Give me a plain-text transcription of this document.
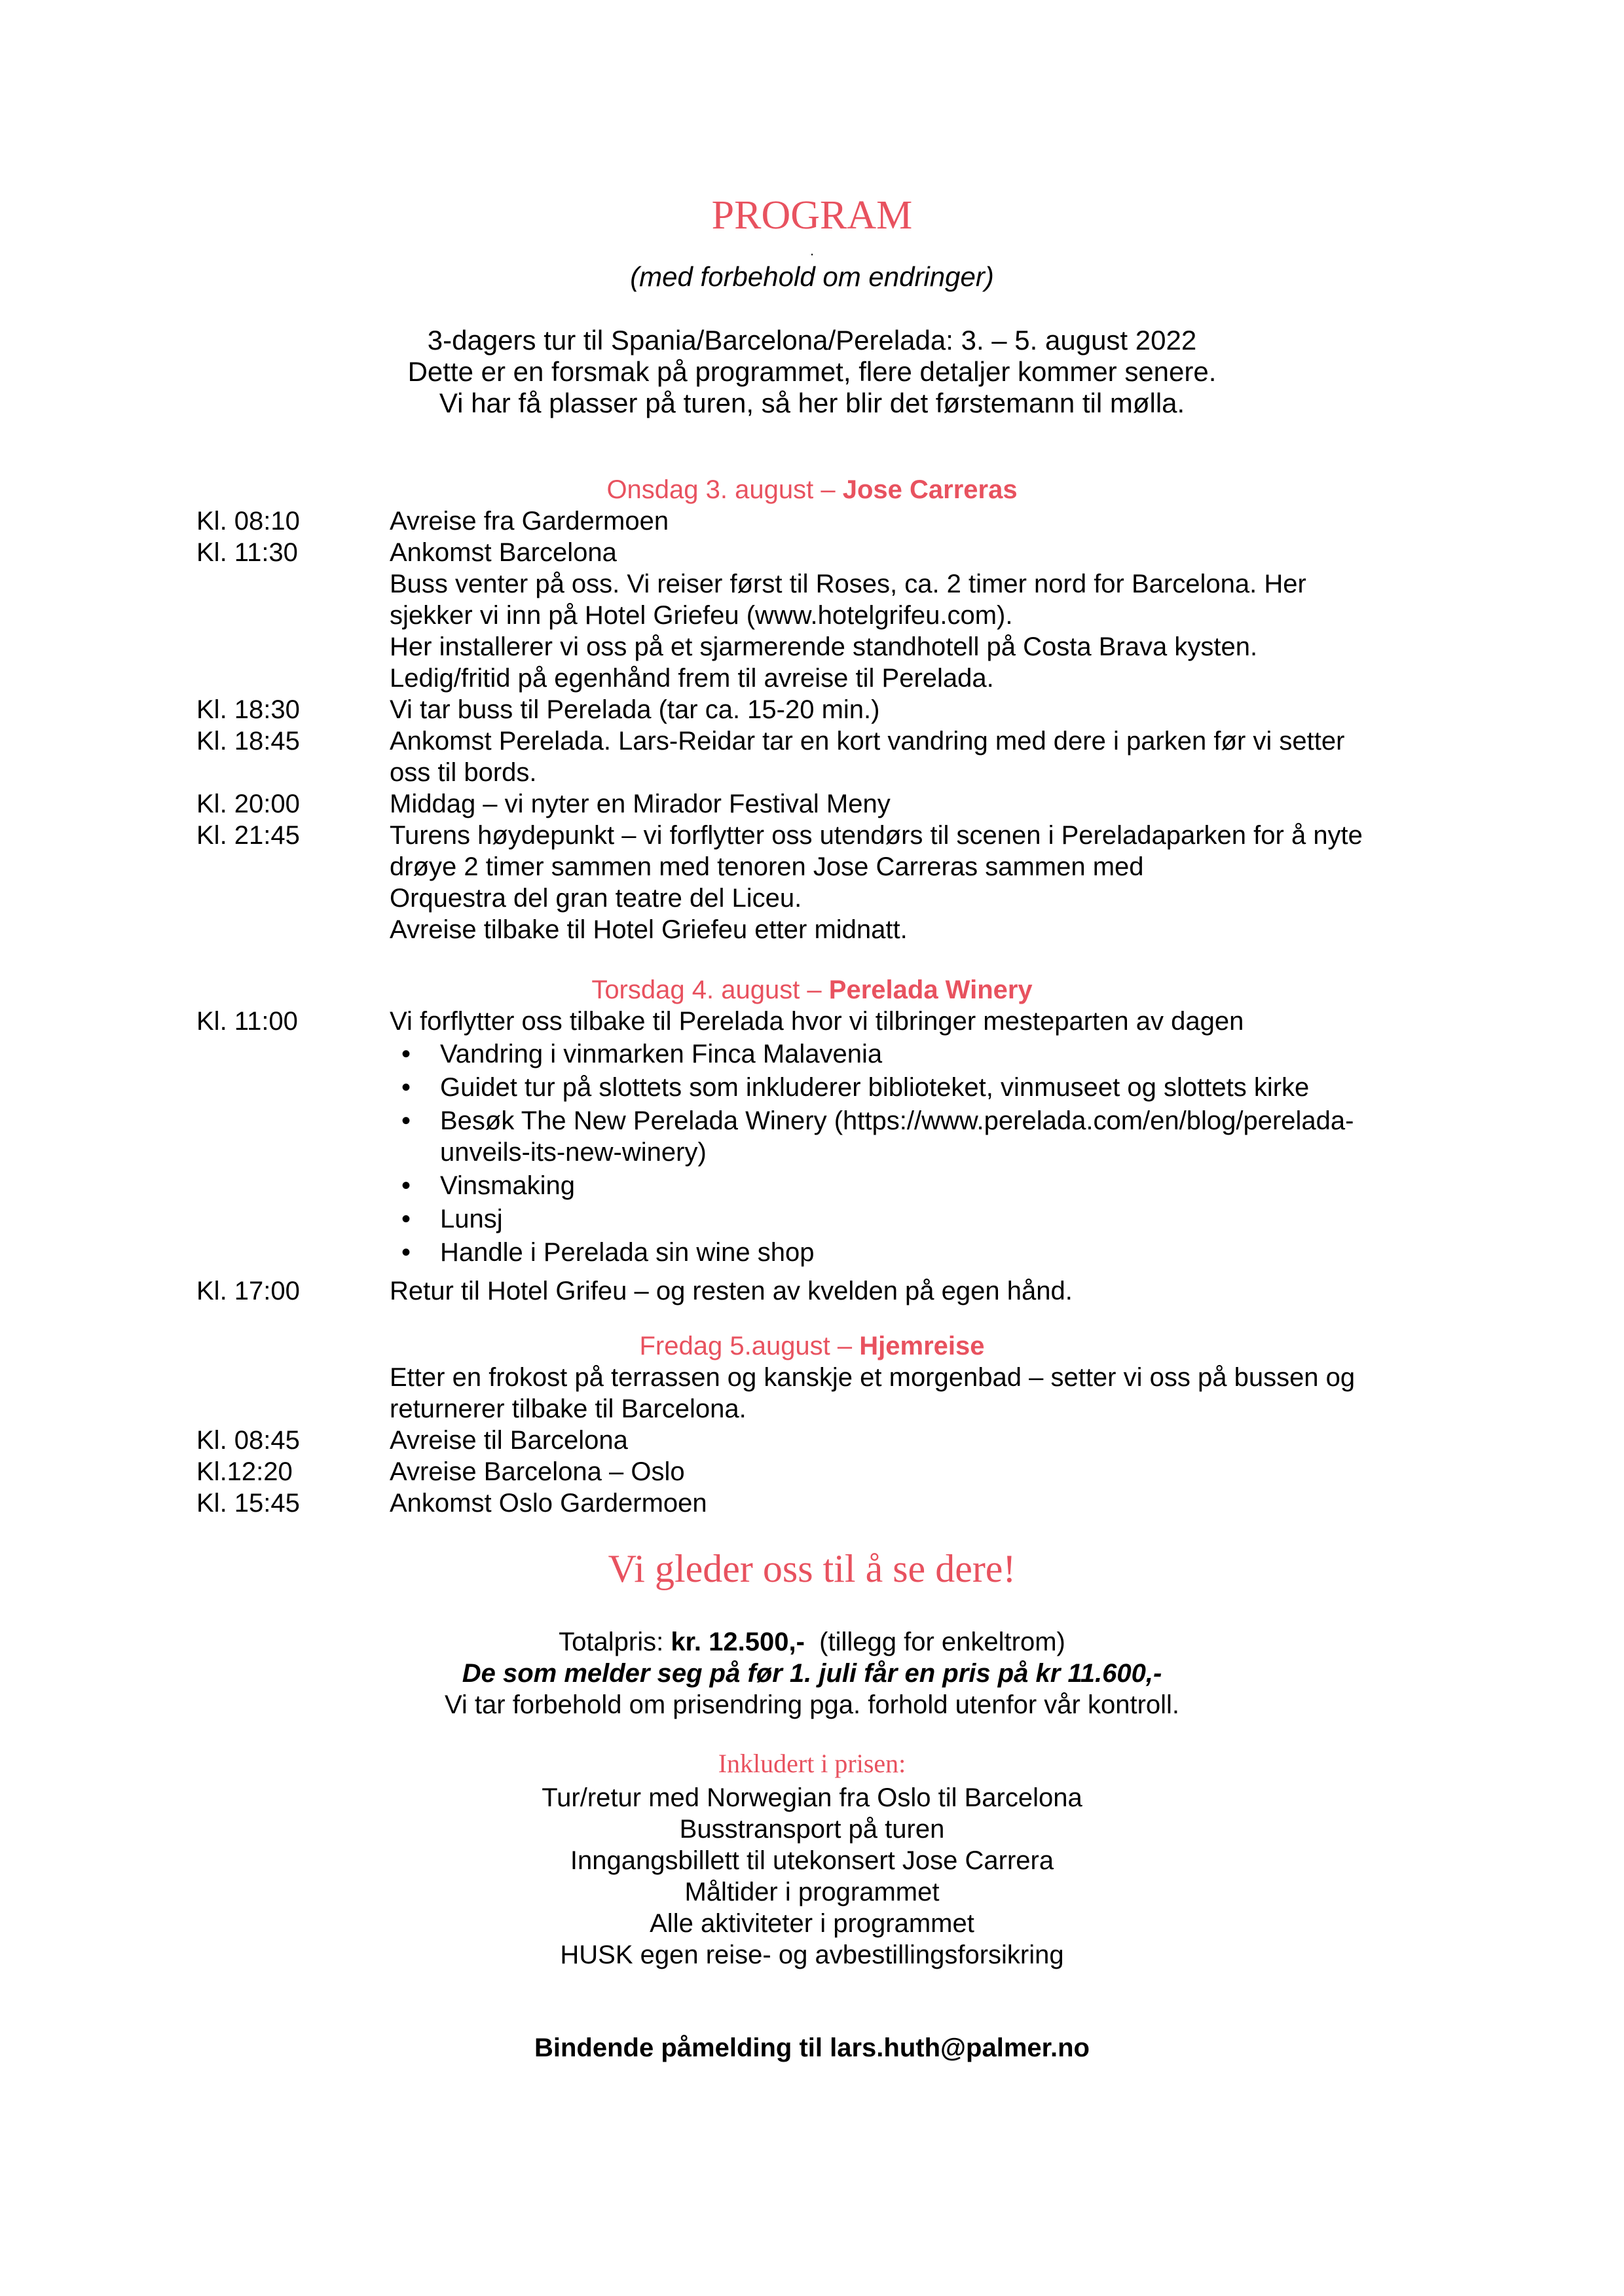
PROGRAM
.
(med forbehold om endringer)
3-dagers tur til Spania/Barcelona/Perelada: 3. – 5. august 2022
Dette er en forsmak på programmet, flere detaljer kommer senere.
Vi har få plasser på turen, så her blir det førstemann til mølla.
Onsdag 3. august – Jose Carreras
Kl. 08:10	Avreise fra Gardermoen
Kl. 11:30	Ankomst Barcelona
Buss venter på oss. Vi reiser først til Roses, ca. 2 timer nord for Barcelona. Her
sjekker vi inn på Hotel Griefeu (www.hotelgrifeu.com).
Her installerer vi oss på et sjarmerende standhotell på Costa Brava kysten.
Ledig/fritid på egenhånd frem til avreise til Perelada.
Kl. 18:30	Vi tar buss til Perelada (tar ca. 15-20 min.)
Kl. 18:45	Ankomst Perelada. Lars-Reidar tar en kort vandring med dere i parken før vi setter
oss til bords.
Kl. 20:00	Middag – vi nyter en Mirador Festival Meny
Kl. 21:45	Turens høydepunkt – vi forflytter oss utendørs til scenen i Pereladaparken for å nyte
drøye 2 timer sammen med tenoren Jose Carreras sammen med
Orquestra del gran teatre del Liceu.
Avreise tilbake til Hotel Griefeu etter midnatt.
Torsdag 4. august – Perelada Winery
Kl. 11:00	Vi forflytter oss tilbake til Perelada hvor vi tilbringer mesteparten av dagen
• Vandring i vinmarken Finca Malavenia
• Guidet tur på slottets som inkluderer biblioteket, vinmuseet og slottets kirke
• Besøk The New Perelada Winery (https://www.perelada.com/en/blog/perelada-
unveils-its-new-winery)
• Vinsmaking
• Lunsj
• Handle i Perelada sin wine shop
Kl. 17:00	Retur til Hotel Grifeu – og resten av kvelden på egen hånd.
Fredag 5.august – Hjemreise
Etter en frokost på terrassen og kanskje et morgenbad – setter vi oss på bussen og
returnerer tilbake til Barcelona.
Kl. 08:45	Avreise til Barcelona
Kl.12:20	Avreise Barcelona – Oslo
Kl. 15:45	Ankomst Oslo Gardermoen
Vi gleder oss til å se dere!
Totalpris: kr. 12.500,-  (tillegg for enkeltrom)
De som melder seg på før 1. juli får en pris på kr 11.600,-
Vi tar forbehold om prisendring pga. forhold utenfor vår kontroll.
Inkludert i prisen:
Tur/retur med Norwegian fra Oslo til Barcelona
Busstransport på turen
Inngangsbillett til utekonsert Jose Carrera
Måltider i programmet
Alle aktiviteter i programmet
HUSK egen reise- og avbestillingsforsikring
Bindende påmelding til lars.huth@palmer.no
